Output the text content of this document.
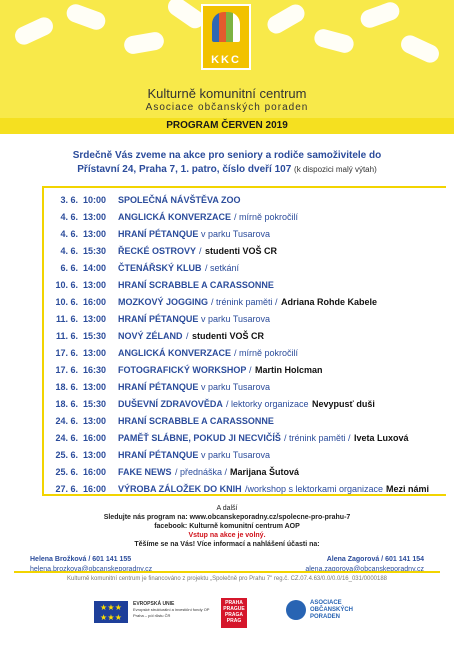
KKC
Kulturně komunitní centrum
Asociace občanských poraden
PROGRAM ČERVEN 2019
Srdečně Vás zveme na akce pro seniory a rodiče samoživitele do
Přístavní 24, Praha 7, 1. patro, číslo dveří 107 (k dispozici malý výtah)
3. 6. 10:00	SPOLEČNÁ NÁVŠTĚVA ZOO
4. 6. 13:00	ANGLICKÁ KONVERZACE / mírně pokročilí
4. 6. 13:00	HRANÍ PÉTANQUE v parku Tusarova
4. 6. 15:30	ŘECKÉ OSTROVY / studenti VOŠ CR
6. 6. 14:00	ČTENÁŘSKÝ KLUB / setkání
10. 6. 13:00	HRANÍ SCRABBLE A CARASSONNE
10. 6. 16:00	MOZKOVÝ JOGGING / trénink paměti / Adriana Rohde Kabele
11. 6. 13:00	HRANÍ PÉTANQUE v parku Tusarova
11. 6. 15:30	NOVÝ ZÉLAND / studenti VOŠ CR
17. 6. 13:00	ANGLICKÁ KONVERZACE / mírně pokročilí
17. 6. 16:30	FOTOGRAFICKÝ WORKSHOP / Martin Holcman
18. 6. 13:00	HRANÍ PÉTANQUE v parku Tusarova
18. 6. 15:30	DUŠEVNÍ ZDRAVOVĚDA / lektorky organizace Nevypusť duši
24. 6. 13:00	HRANÍ SCRABBLE A CARASSONNE
24. 6. 16:00	PAMĚŤ SLÁBNE, POKUD JI NECVIČÍŠ / trénink paměti / Iveta Luxová
25. 6. 13:00	HRANÍ PÉTANQUE v parku Tusarova
25. 6. 16:00	FAKE NEWS / přednáška / Marijana Šutová
27. 6. 16:00	VÝROBA ZÁLOŽEK DO KNIH /workshop s lektorkami organizace Mezi námi
A další
Sledujte nás program na: www.obcanskeporadny.cz/spolecne-pro-prahu-7
facebook: Kulturně komunitní centrum AOP
Vstup na akce je volný.
Těšíme se na Vás! Více informací a nahlášení účasti na:
Helena Brožková / 601 141 155
helena.brozkova@obcanskeporadny.cz
Alena Zagorová / 601 141 154
alena.zagorova@obcanskeporadny.cz
Kulturně komunitní centrum je financováno z projektu „Společně pro Prahu 7" reg.č. CZ.07.4.63/0.0/0.0/16_031/0000188
★ ★ ★
★ ★ ★
EVROPSKÁ UNIE
Evropské strukturální a investiční fondy OP Praha – pól růstu ČR
PRAHA PRAGUE PRAGA PRAG
ASOCIACE OBČANSKÝCH PORADEN
